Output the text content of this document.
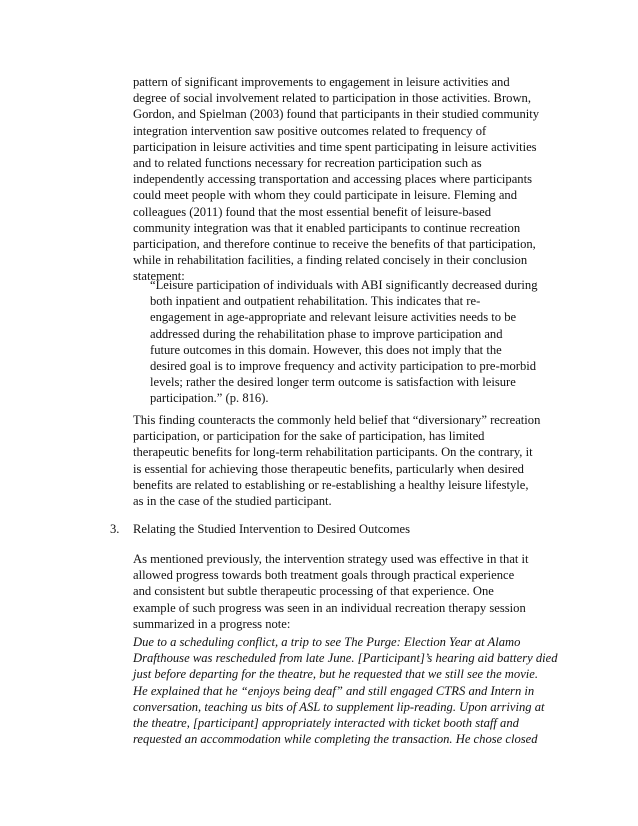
pattern of significant improvements to engagement in leisure activities and
degree of social involvement related to participation in those activities. Brown,
Gordon, and Spielman (2003) found that participants in their studied community
integration intervention saw positive outcomes related to frequency of
participation in leisure activities and time spent participating in leisure activities
and to related functions necessary for recreation participation such as
independently accessing transportation and accessing places where participants
could meet people with whom they could participate in leisure. Fleming and
colleagues (2011) found that the most essential benefit of leisure-based
community integration was that it enabled participants to continue recreation
participation, and therefore continue to receive the benefits of that participation,
while in rehabilitation facilities, a finding related concisely in their conclusion
statement:
“Leisure participation of individuals with ABI significantly decreased during
both inpatient and outpatient rehabilitation. This indicates that re-
engagement in age-appropriate and relevant leisure activities needs to be
addressed during the rehabilitation phase to improve participation and
future outcomes in this domain. However, this does not imply that the
desired goal is to improve frequency and activity participation to pre-morbid
levels; rather the desired longer term outcome is satisfaction with leisure
participation.” (p. 816).
This finding counteracts the commonly held belief that “diversionary” recreation
participation, or participation for the sake of participation, has limited
therapeutic benefits for long-term rehabilitation participants. On the contrary, it
is essential for achieving those therapeutic benefits, particularly when desired
benefits are related to establishing or re-establishing a healthy leisure lifestyle,
as in the case of the studied participant.
3. Relating the Studied Intervention to Desired Outcomes
As mentioned previously, the intervention strategy used was effective in that it
allowed progress towards both treatment goals through practical experience
and consistent but subtle therapeutic processing of that experience. One
example of such progress was seen in an individual recreation therapy session
summarized in a progress note:
Due to a scheduling conflict, a trip to see The Purge: Election Year at Alamo
Drafthouse was rescheduled from late June. [Participant]’s hearing aid battery died
just before departing for the theatre, but he requested that we still see the movie.
He explained that he “enjoys being deaf” and still engaged CTRS and Intern in
conversation, teaching us bits of ASL to supplement lip-reading. Upon arriving at
the theatre, [participant] appropriately interacted with ticket booth staff and
requested an accommodation while completing the transaction. He chose closed
